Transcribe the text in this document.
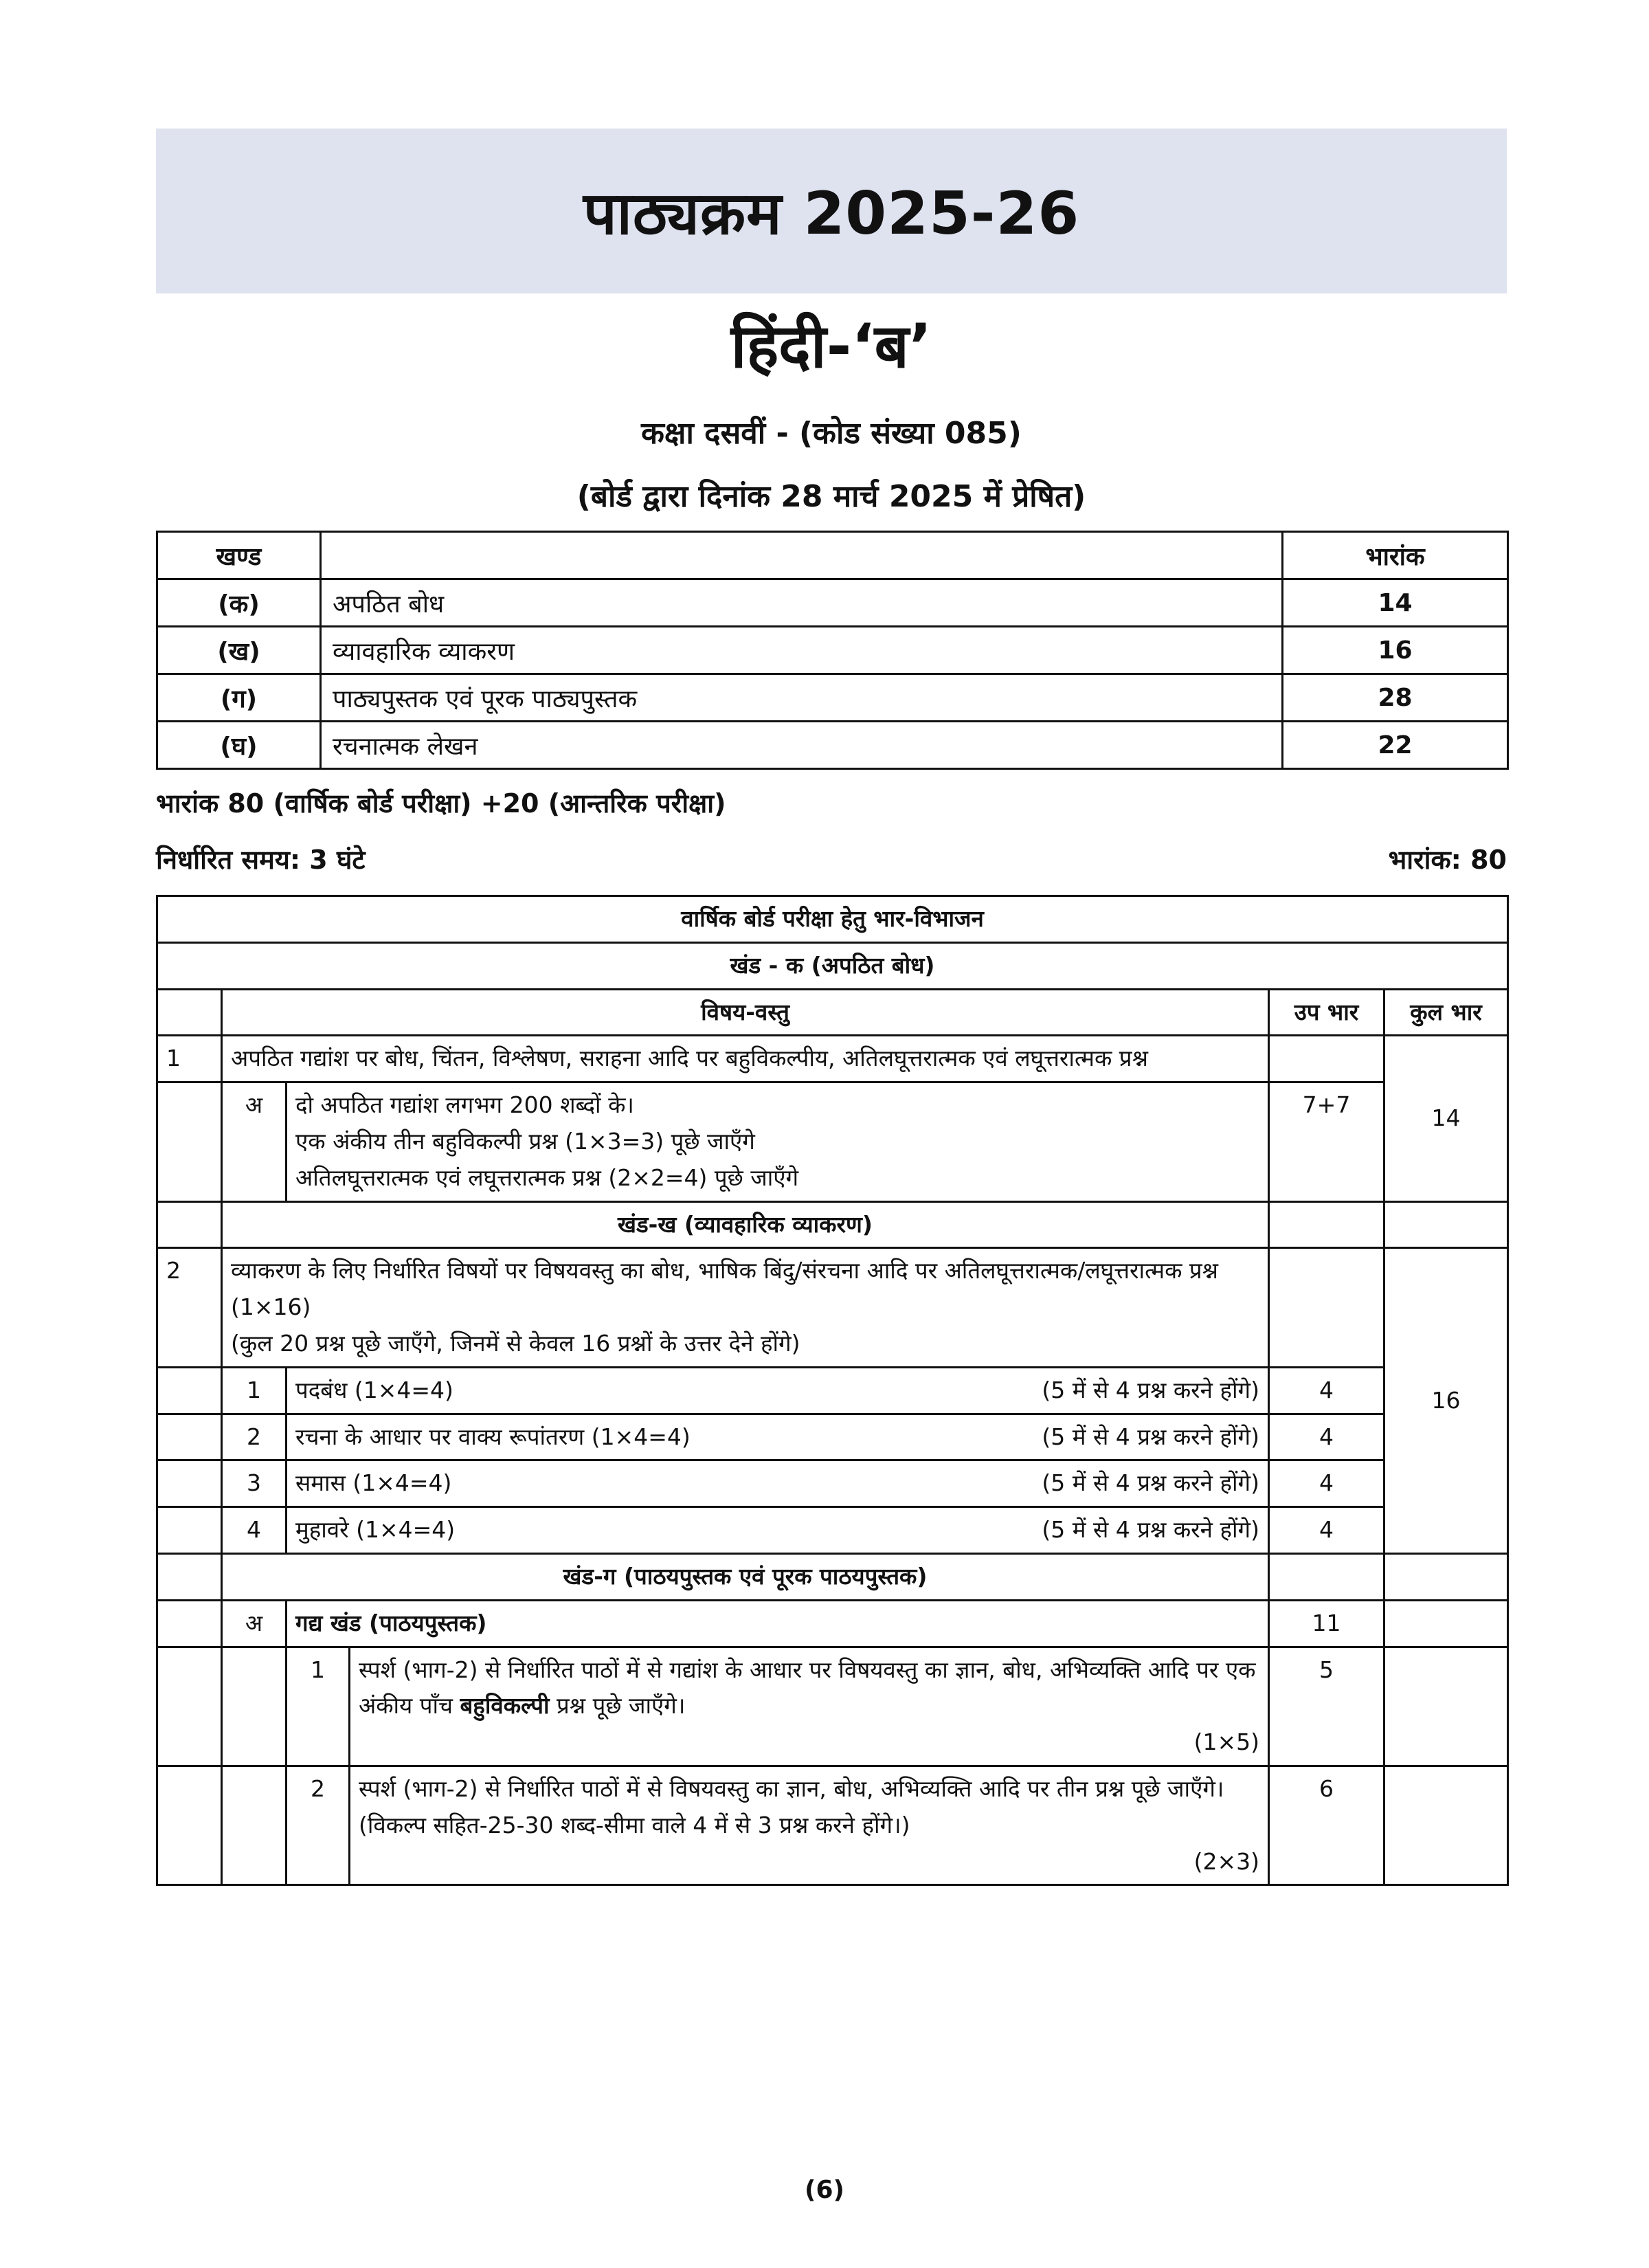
पाठ्यक्रम 2025-26
हिंदी-‘ब’
कक्षा दसवीं - (कोड संख्या 085)
(बोर्ड द्वारा दिनांक 28 मार्च 2025 में प्रेषित)
खण्ड		भारांक
(क)	अपठित बोध	14
(ख)	व्यावहारिक व्याकरण	16
(ग)	पाठ्यपुस्तक एवं पूरक पाठ्यपुस्तक	28
(घ)	रचनात्मक लेखन	22
भारांक 80 (वार्षिक बोर्ड परीक्षा) +20 (आन्तरिक परीक्षा)
निर्धारित समय: 3 घंटे	भारांक: 80
वार्षिक बोर्ड परीक्षा हेतु भार-विभाजन					
खंड - क (अपठित बोध)					
	विषय-वस्तु			उप भार	कुल भार
1	अपठित गद्यांश पर बोध, चिंतन, विश्लेषण, सराहना आदि पर बहुविकल्पीय, अतिलघूत्तरात्मक एवं लघूत्तरात्मक प्रश्न				14
	अ	दो अपठित गद्यांश लगभग 200 शब्दों के।
एक अंकीय तीन बहुविकल्पी प्रश्न (1×3=3) पूछे जाएँगे
अतिलघूत्तरात्मक एवं लघूत्तरात्मक प्रश्न (2×2=4) पूछे जाएँगे		7+7	
	खंड-ख (व्यावहारिक व्याकरण)				
2	व्याकरण के लिए निर्धारित विषयों पर विषयवस्तु का बोध, भाषिक बिंदु/संरचना आदि पर अतिलघूत्तरात्मक/लघूत्तरात्मक प्रश्न (1×16)
(कुल 20 प्रश्न पूछे जाएँगे, जिनमें से केवल 16 प्रश्नों के उत्तर देने होंगे)				16
	1	पदबंध (1×4=4) (5 में से 4 प्रश्न करने होंगे)		4	
	2	रचना के आधार पर वाक्य रूपांतरण (1×4=4) (5 में से 4 प्रश्न करने होंगे)		4	
	3	समास (1×4=4) (5 में से 4 प्रश्न करने होंगे)		4	
	4	मुहावरे (1×4=4) (5 में से 4 प्रश्न करने होंगे)		4	
	खंड-ग (पाठयपुस्तक एवं पूरक पाठयपुस्तक)				
	अ	गद्य खंड (पाठयपुस्तक)		11	
		1	स्पर्श (भाग-2) से निर्धारित पाठों में से गद्यांश के आधार पर विषयवस्तु का ज्ञान, बोध, अभिव्यक्ति आदि पर एक अंकीय पाँच बहुविकल्पी प्रश्न पूछे जाएँगे।
(1×5)	5	
		2	स्पर्श (भाग-2) से निर्धारित पाठों में से विषयवस्तु का ज्ञान, बोध, अभिव्यक्ति आदि पर तीन प्रश्न पूछे जाएँगे। (विकल्प सहित-25-30 शब्द-सीमा वाले 4 में से 3 प्रश्न करने होंगे।)
(2×3)	6	
(6)
